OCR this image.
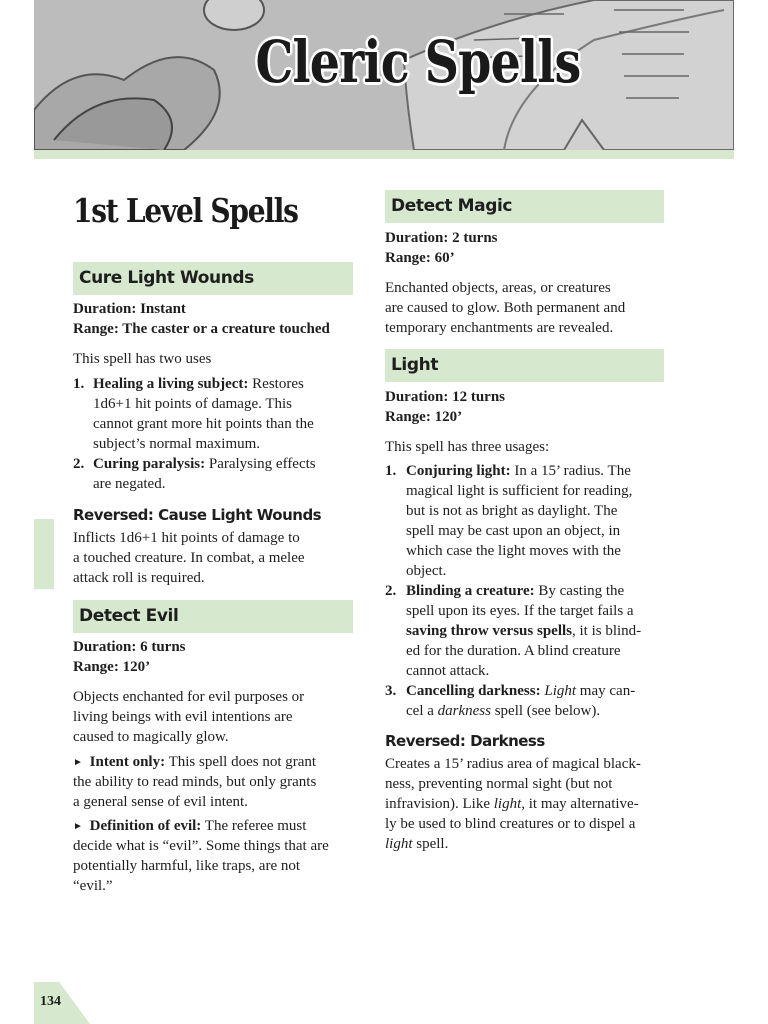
Cleric Spells
1st Level Spells
Cure Light Wounds
Duration: Instant
Range: The caster or a creature touched
This spell has two uses
1. Healing a living subject: Restores
1d6+1 hit points of damage. This
cannot grant more hit points than the
subject’s normal maximum.
2. Curing paralysis: Paralysing effects
are negated.
Reversed: Cause Light Wounds
Inflicts 1d6+1 hit points of damage to
a touched creature. In combat, a melee
attack roll is required.
Detect Evil
Duration: 6 turns
Range: 120’
Objects enchanted for evil purposes or
living beings with evil intentions are
caused to magically glow.
► Intent only: This spell does not grant
the ability to read minds, but only grants
a general sense of evil intent.
► Definition of evil: The referee must
decide what is “evil”. Some things that are
potentially harmful, like traps, are not
“evil.”
Detect Magic
Duration: 2 turns
Range: 60’
Enchanted objects, areas, or creatures
are caused to glow. Both permanent and
temporary enchantments are revealed.
Light
Duration: 12 turns
Range: 120’
This spell has three usages:
1. Conjuring light: In a 15’ radius. The
magical light is sufficient for reading,
but is not as bright as daylight. The
spell may be cast upon an object, in
which case the light moves with the
object.
2. Blinding a creature: By casting the
spell upon its eyes. If the target fails a
saving throw versus spells, it is blind-
ed for the duration. A blind creature
cannot attack.
3. Cancelling darkness: Light may can-
cel a darkness spell (see below).
Reversed: Darkness
Creates a 15’ radius area of magical black-
ness, preventing normal sight (but not
infravision). Like light, it may alternative-
ly be used to blind creatures or to dispel a
light spell.
134
